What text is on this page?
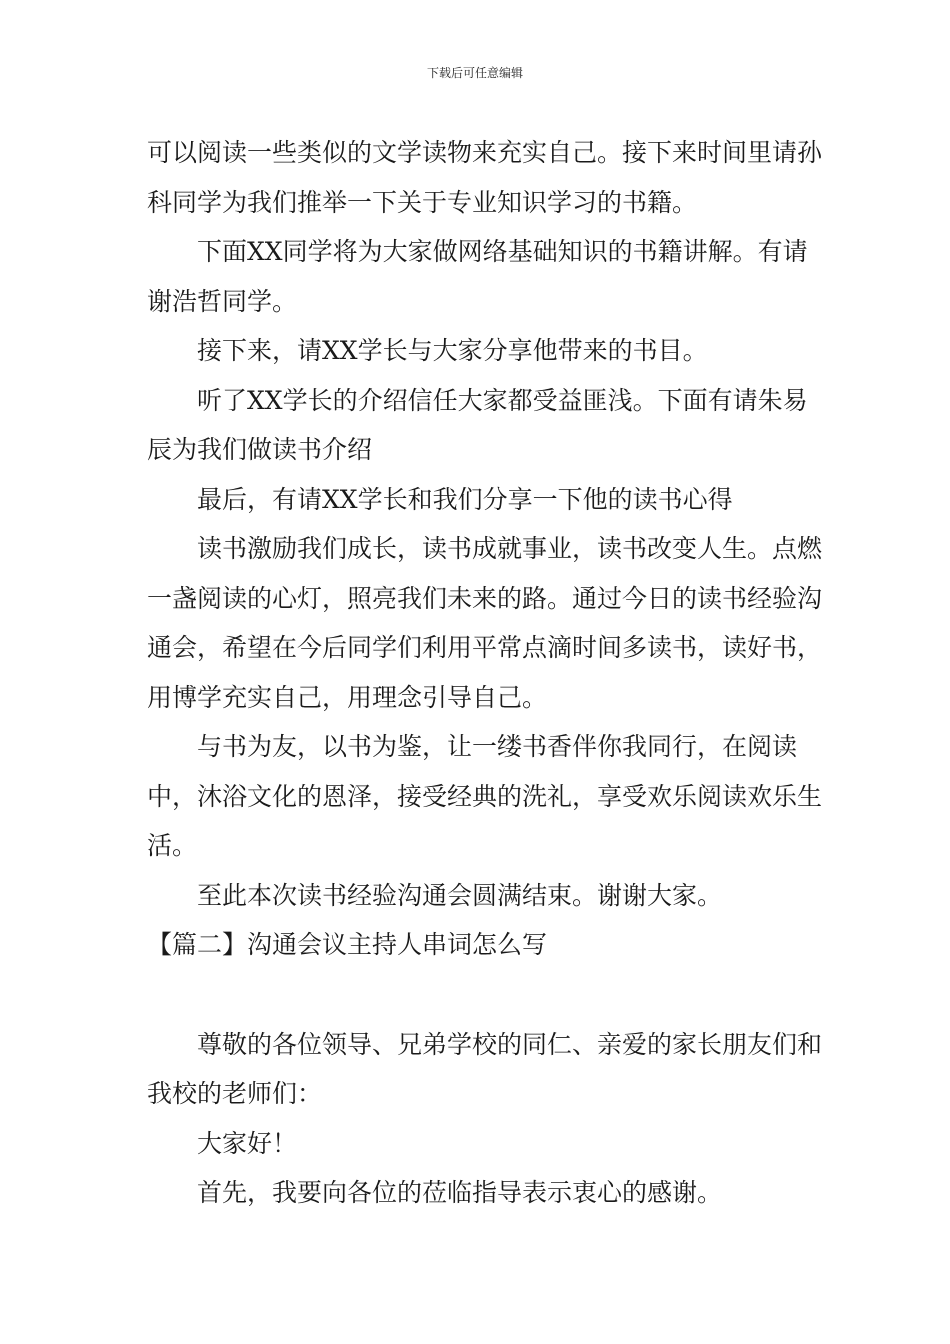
下载后可任意编辑

可以阅读一些类似的文学读物来充实自己。接下来时间里请孙科同学为我们推举一下关于专业知识学习的书籍。

下面XX同学将为大家做网络基础知识的书籍讲解。有请谢浩哲同学。

接下来，请XX学长与大家分享他带来的书目。

听了XX学长的介绍信任大家都受益匪浅。下面有请朱易辰为我们做读书介绍

最后，有请XX学长和我们分享一下他的读书心得

读书激励我们成长，读书成就事业，读书改变人生。点燃一盏阅读的心灯，照亮我们未来的路。通过今日的读书经验沟通会，希望在今后同学们利用平常点滴时间多读书，读好书，用博学充实自己，用理念引导自己。

与书为友，以书为鉴，让一缕书香伴你我同行，在阅读中，沐浴文化的恩泽，接受经典的洗礼，享受欢乐阅读欢乐生活。

至此本次读书经验沟通会圆满结束。谢谢大家。

【篇二】沟通会议主持人串词怎么写

尊敬的各位领导、兄弟学校的同仁、亲爱的家长朋友们和我校的老师们：

大家好！

首先，我要向各位的莅临指导表示衷心的感谢。
